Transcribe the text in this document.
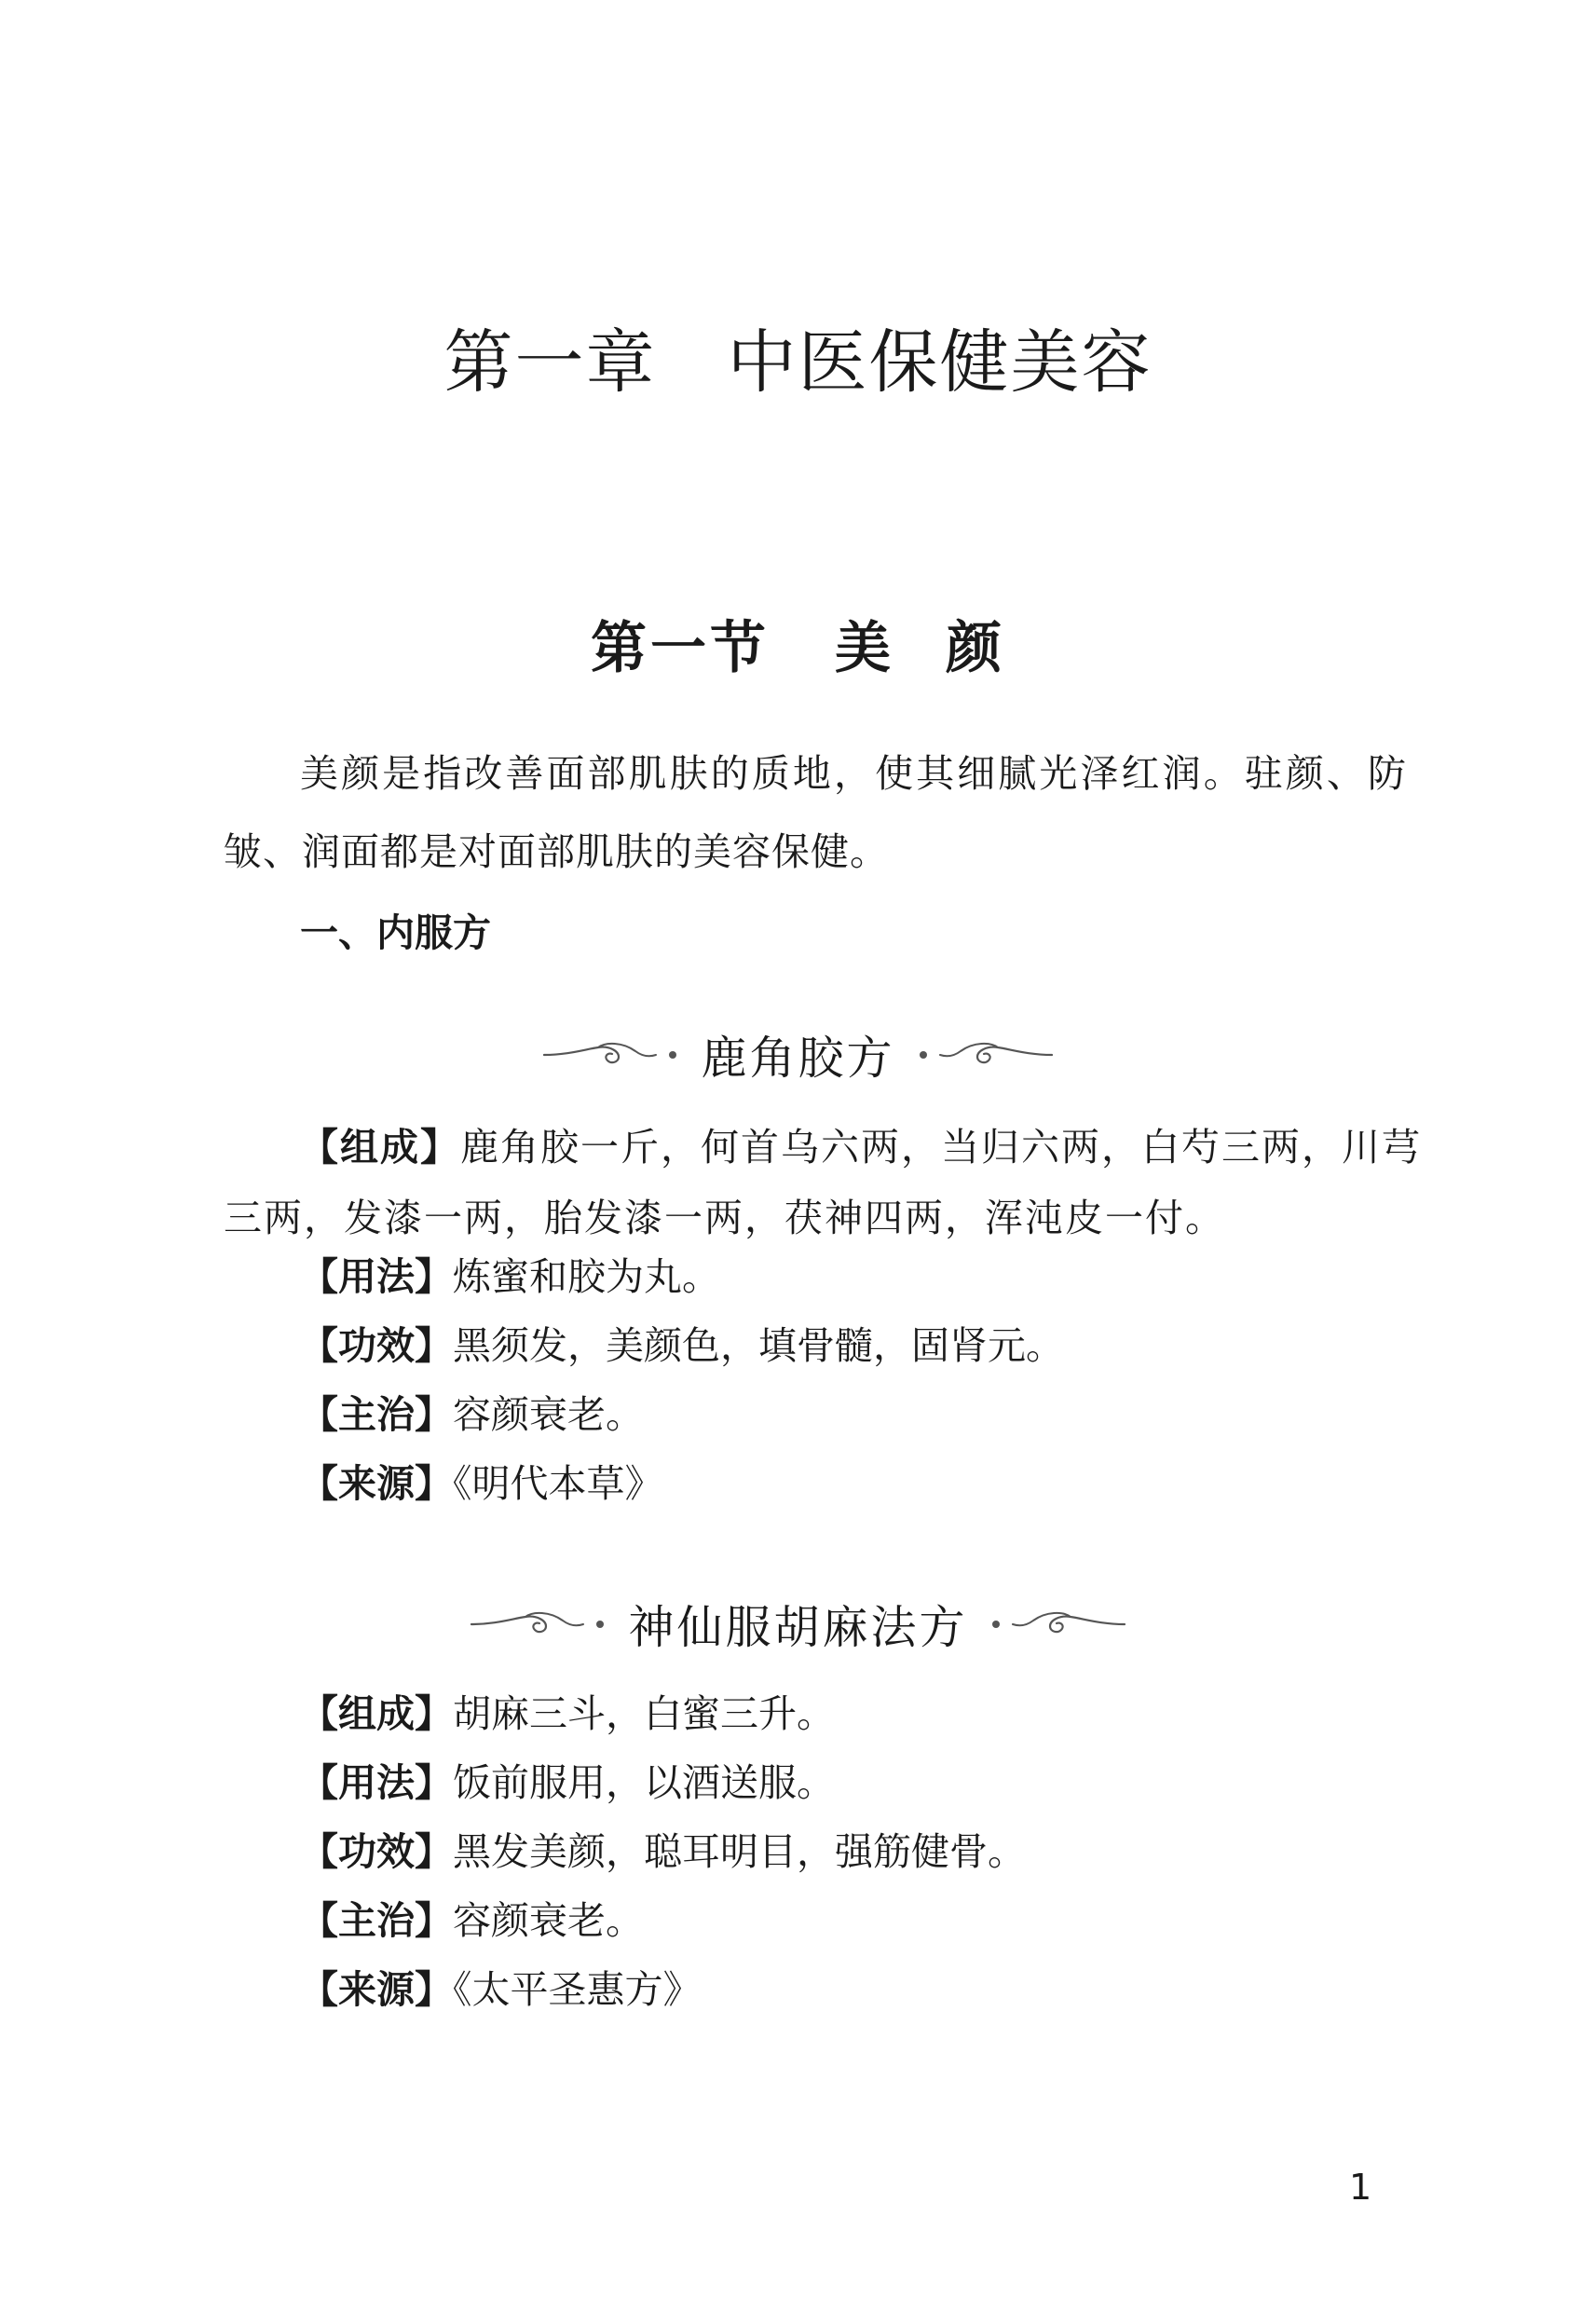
第一章　中医保健美容
第一节 美 颜

美颜是指改善面部肌肤的质地，使其细腻光泽红润。驻颜、防皱、润面都是对面部肌肤的美容保健。

一、内服方
鹿角胶方

【组成】鹿角胶一斤，何首乌六两，当归六两，白芍三两，川芎三两，发漆一两，胎发漆一两，茯神四两，浑沌皮一付。

【用法】炼蜜和胶为丸。
【功效】黑须发，美颜色，填骨髓，固肾元。
【主治】容颜衰老。
【来源】《明代本草》
神仙服胡麻法方
【组成】胡麻三斗，白蜜三升。
【用法】饭前服用，以酒送服。
【功效】黑发美颜，聪耳明目，强筋健骨。
【主治】容颜衰老。
【来源】《太平圣惠方》
1
